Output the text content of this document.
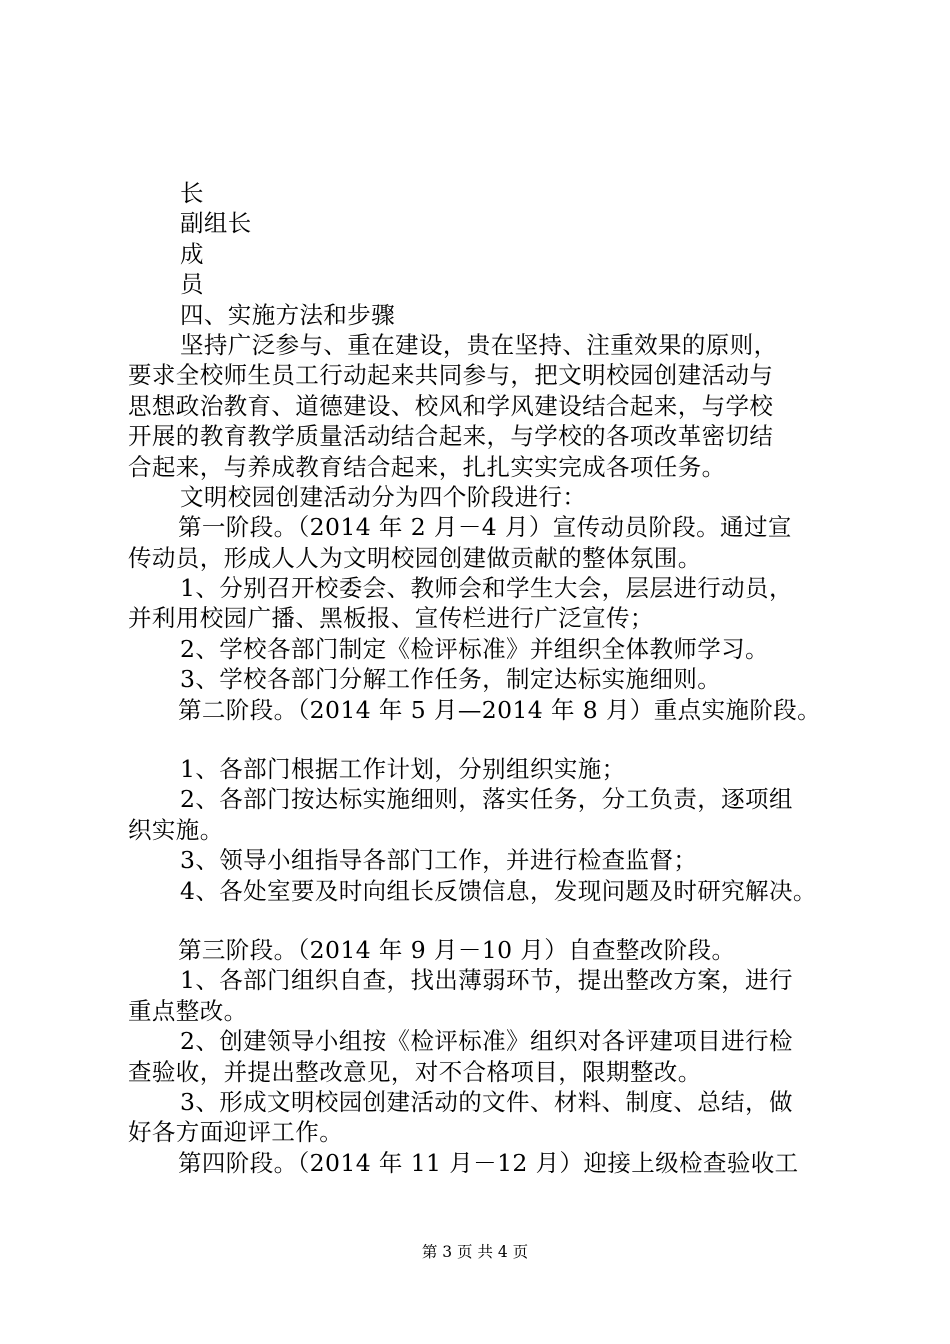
长
副组长
成
员
四、实施方法和步骤
坚持广泛参与、重在建设，贵在坚持、注重效果的原则，
要求全校师生员工行动起来共同参与，把文明校园创建活动与
思想政治教育、道德建设、校风和学风建设结合起来，与学校
开展的教育教学质量活动结合起来，与学校的各项改革密切结
合起来，与养成教育结合起来，扎扎实实完成各项任务。
文明校园创建活动分为四个阶段进行：
第一阶段。（2014 年 2 月－4 月）宣传动员阶段。通过宣
传动员，形成人人为文明校园创建做贡献的整体氛围。
1、分别召开校委会、教师会和学生大会，层层进行动员，
并利用校园广播、黑板报、宣传栏进行广泛宣传；
2、学校各部门制定《检评标准》并组织全体教师学习。
3、学校各部门分解工作任务，制定达标实施细则。
第二阶段。（2014 年 5 月—2014 年 8 月）重点实施阶段。
1、各部门根据工作计划，分别组织实施；
2、各部门按达标实施细则，落实任务，分工负责，逐项组
织实施。
3、领导小组指导各部门工作，并进行检查监督；
4、各处室要及时向组长反馈信息，发现问题及时研究解决。
第三阶段。（2014 年 9 月－10 月）自查整改阶段。
1、各部门组织自查，找出薄弱环节，提出整改方案，进行
重点整改。
2、创建领导小组按《检评标准》组织对各评建项目进行检
查验收，并提出整改意见，对不合格项目，限期整改。
3、形成文明校园创建活动的文件、材料、制度、总结，做
好各方面迎评工作。
第四阶段。（2014 年 11 月－12 月）迎接上级检查验收工
第 3 页 共 4 页
